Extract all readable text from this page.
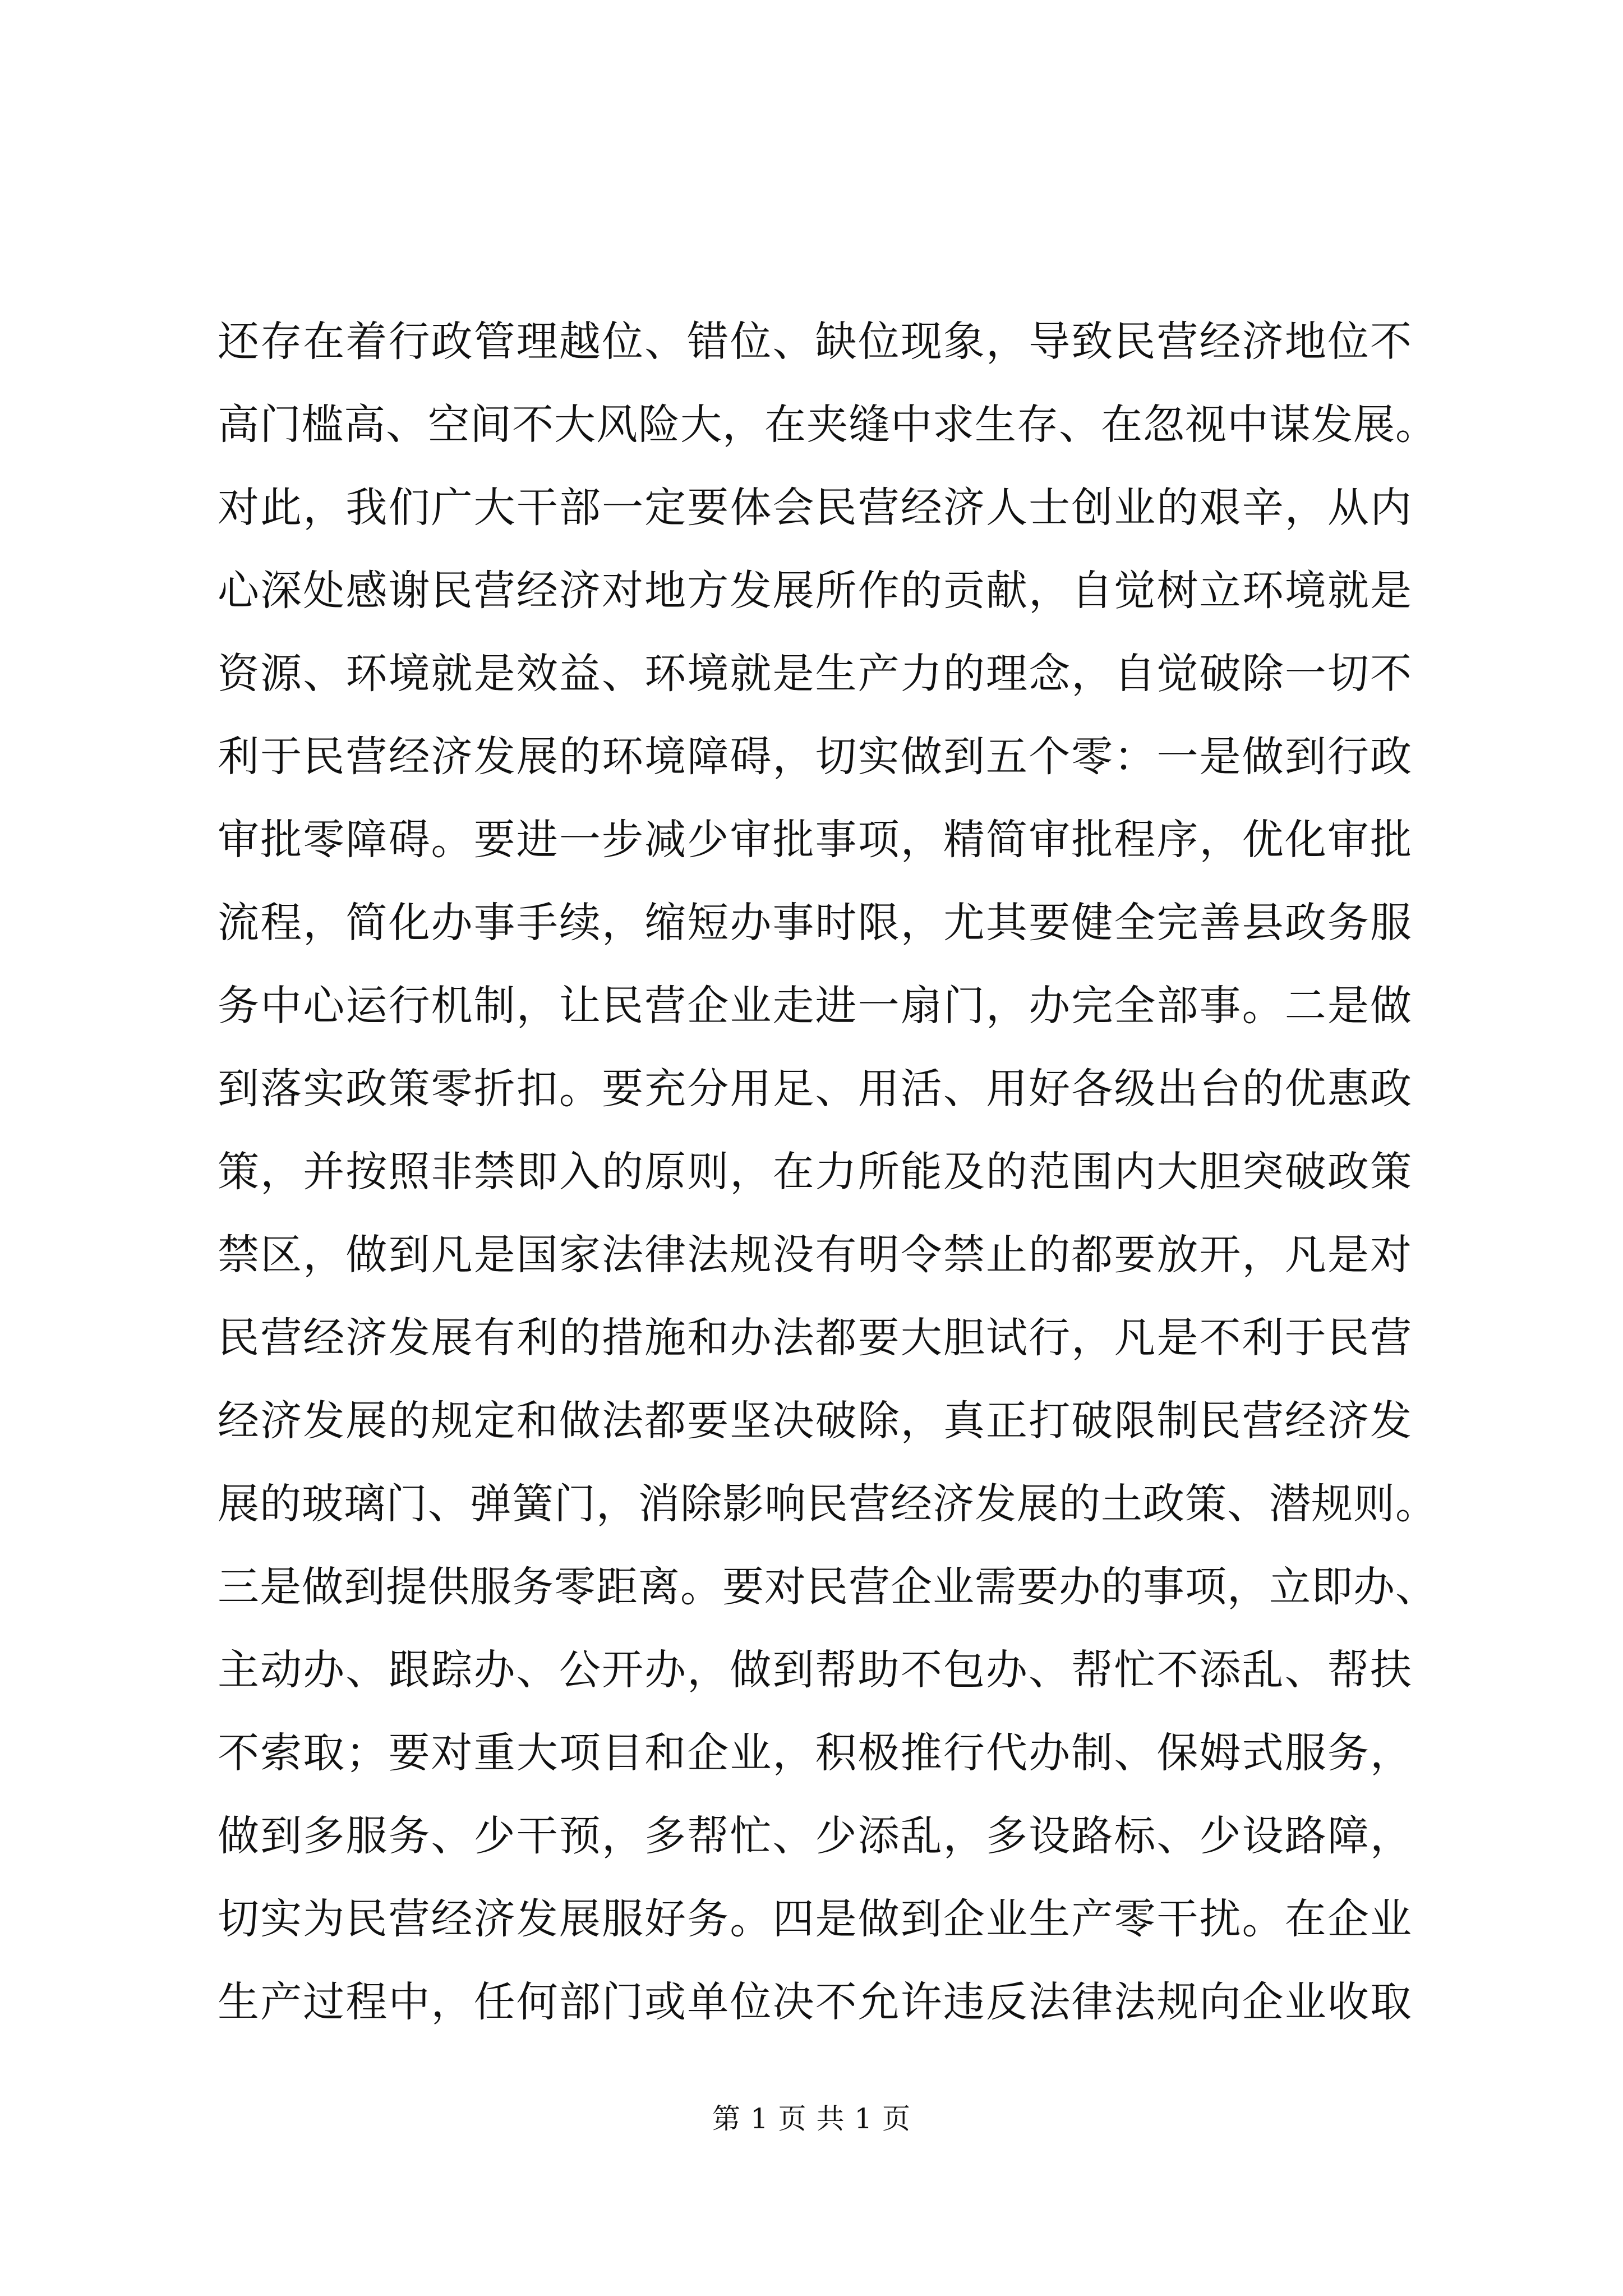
还存在着行政管理越位、错位、缺位现象，导致民营经济地位不
高门槛高、空间不大风险大，在夹缝中求生存、在忽视中谋发展。
对此，我们广大干部一定要体会民营经济人士创业的艰辛，从内
心深处感谢民营经济对地方发展所作的贡献，自觉树立环境就是
资源、环境就是效益、环境就是生产力的理念，自觉破除一切不
利于民营经济发展的环境障碍，切实做到五个零：一是做到行政
审批零障碍。要进一步减少审批事项，精简审批程序，优化审批
流程，简化办事手续，缩短办事时限，尤其要健全完善县政务服
务中心运行机制，让民营企业走进一扇门，办完全部事。二是做
到落实政策零折扣。要充分用足、用活、用好各级出台的优惠政
策，并按照非禁即入的原则，在力所能及的范围内大胆突破政策
禁区，做到凡是国家法律法规没有明令禁止的都要放开，凡是对
民营经济发展有利的措施和办法都要大胆试行，凡是不利于民营
经济发展的规定和做法都要坚决破除，真正打破限制民营经济发
展的玻璃门、弹簧门，消除影响民营经济发展的土政策、潜规则。
三是做到提供服务零距离。要对民营企业需要办的事项，立即办、
主动办、跟踪办、公开办，做到帮助不包办、帮忙不添乱、帮扶
不索取；要对重大项目和企业，积极推行代办制、保姆式服务，
做到多服务、少干预，多帮忙、少添乱，多设路标、少设路障，
切实为民营经济发展服好务。四是做到企业生产零干扰。在企业
生产过程中，任何部门或单位决不允许违反法律法规向企业收取
第 1 页 共 1 页
